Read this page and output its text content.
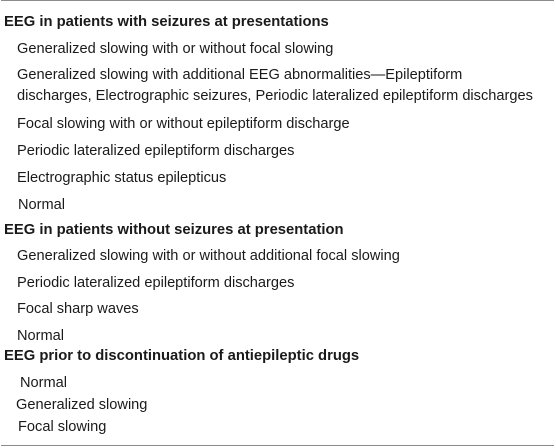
EEG in patients with seizures at presentations
Generalized slowing with or without focal slowing
Generalized slowing with additional EEG abnormalities—Epileptiform
discharges, Electrographic seizures, Periodic lateralized epileptiform discharges
Focal slowing with or without epileptiform discharge
Periodic lateralized epileptiform discharges
Electrographic status epilepticus
Normal
EEG in patients without seizures at presentation
Generalized slowing with or without additional focal slowing
Periodic lateralized epileptiform discharges
Focal sharp waves
Normal
EEG prior to discontinuation of antiepileptic drugs
Normal
Generalized slowing
Focal slowing
